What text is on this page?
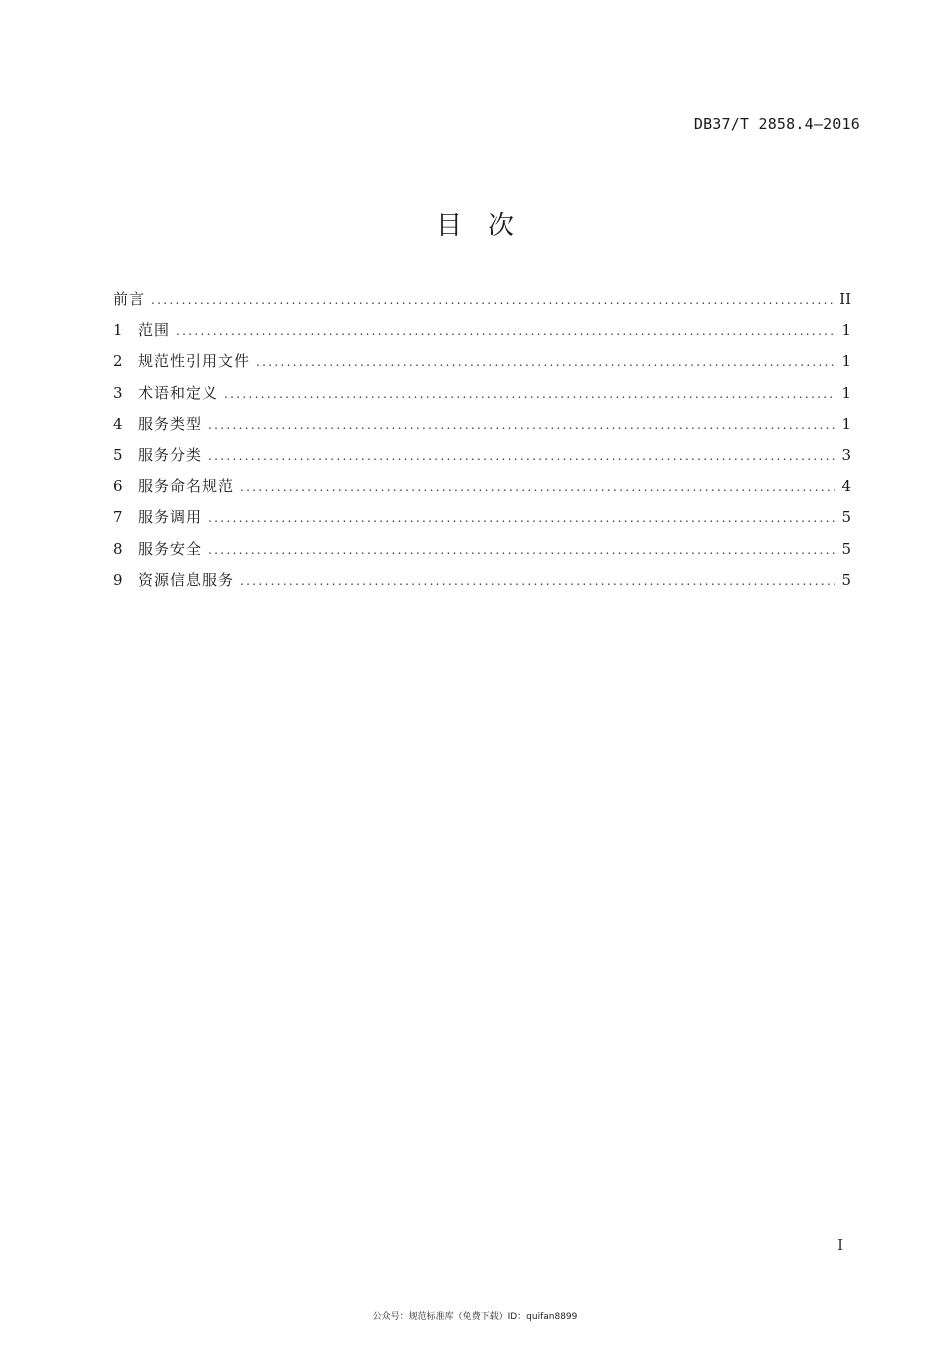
DB37/T 2858.4—2016
目次
前言 .....	II
1	范围 .....	1
2	规范性引用文件 .....	1
3	术语和定义 .....	1
4	服务类型 .....	1
5	服务分类 .....	3
6	服务命名规范 .....	4
7	服务调用 .....	5
8	服务安全 .....	5
9	资源信息服务 .....	5
I
公众号：规范标准库（免费下载）ID：quifan8899
